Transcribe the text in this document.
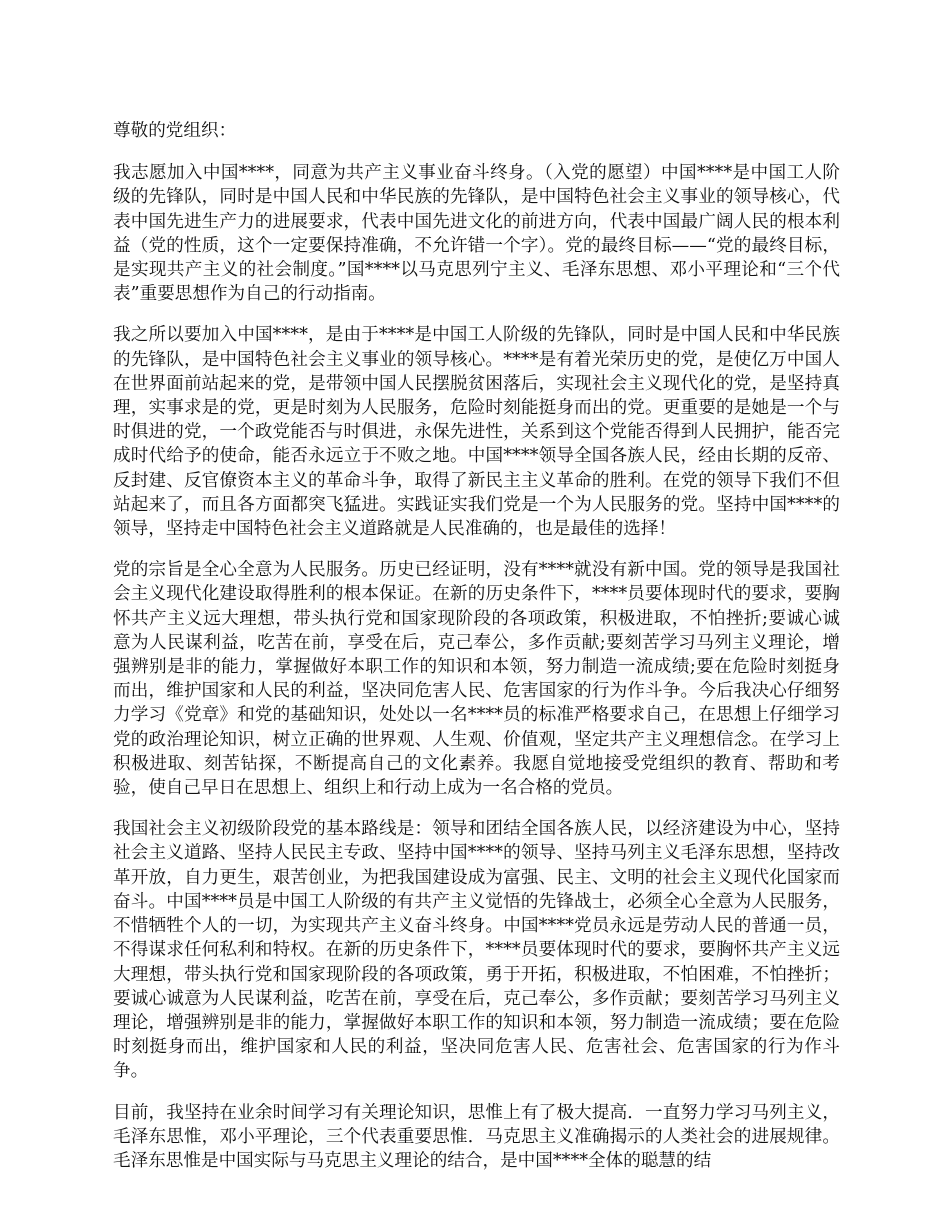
尊敬的党组织：

我志愿加入中国****，同意为共产主义事业奋斗终身。（入党的愿望）中国****是中国工人阶级的先锋队，同时是中国人民和中华民族的先锋队，是中国特色社会主义事业的领导核心，代表中国先进生产力的进展要求，代表中国先进文化的前进方向，代表中国最广阔人民的根本利益（党的性质，这个一定要保持准确，不允许错一个字）。党的最终目标——“党的最终目标，是实现共产主义的社会制度。”国****以马克思列宁主义、毛泽东思想、邓小平理论和“三个代表”重要思想作为自己的行动指南。

我之所以要加入中国****，是由于****是中国工人阶级的先锋队，同时是中国人民和中华民族的先锋队，是中国特色社会主义事业的领导核心。****是有着光荣历史的党，是使亿万中国人在世界面前站起来的党，是带领中国人民摆脱贫困落后，实现社会主义现代化的党，是坚持真理，实事求是的党，更是时刻为人民服务，危险时刻能挺身而出的党。更重要的是她是一个与时俱进的党，一个政党能否与时俱进，永保先进性，关系到这个党能否得到人民拥护，能否完成时代给予的使命，能否永远立于不败之地。中国****领导全国各族人民，经由长期的反帝、反封建、反官僚资本主义的革命斗争，取得了新民主主义革命的胜利。在党的领导下我们不但站起来了，而且各方面都突飞猛进。实践证实我们党是一个为人民服务的党。坚持中国****的领导，坚持走中国特色社会主义道路就是人民准确的，也是最佳的选择！

党的宗旨是全心全意为人民服务。历史已经证明，没有****就没有新中国。党的领导是我国社会主义现代化建设取得胜利的根本保证。在新的历史条件下，****员要体现时代的要求，要胸怀共产主义远大理想，带头执行党和国家现阶段的各项政策，积极进取，不怕挫折;要诚心诚意为人民谋利益，吃苦在前，享受在后，克己奉公，多作贡献;要刻苦学习马列主义理论，增强辨别是非的能力，掌握做好本职工作的知识和本领，努力制造一流成绩;要在危险时刻挺身而出，维护国家和人民的利益，坚决同危害人民、危害国家的行为作斗争。今后我决心仔细努力学习《党章》和党的基础知识，处处以一名****员的标准严格要求自己，在思想上仔细学习党的政治理论知识，树立正确的世界观、人生观、价值观，坚定共产主义理想信念。在学习上积极进取、刻苦钻探，不断提高自己的文化素养。我愿自觉地接受党组织的教育、帮助和考验，使自己早日在思想上、组织上和行动上成为一名合格的党员。

我国社会主义初级阶段党的基本路线是：领导和团结全国各族人民，以经济建设为中心，坚持社会主义道路、坚持人民民主专政、坚持中国****的领导、坚持马列主义毛泽东思想，坚持改革开放，自力更生，艰苦创业，为把我国建设成为富强、民主、文明的社会主义现代化国家而奋斗。中国****员是中国工人阶级的有共产主义觉悟的先锋战士，必须全心全意为人民服务，不惜牺牲个人的一切，为实现共产主义奋斗终身。中国****党员永远是劳动人民的普通一员，不得谋求任何私利和特权。在新的历史条件下，****员要体现时代的要求，要胸怀共产主义远大理想，带头执行党和国家现阶段的各项政策，勇于开拓，积极进取，不怕困难，不怕挫折；要诚心诚意为人民谋利益，吃苦在前，享受在后，克己奉公，多作贡献；要刻苦学习马列主义理论，增强辨别是非的能力，掌握做好本职工作的知识和本领，努力制造一流成绩；要在危险时刻挺身而出，维护国家和人民的利益，坚决同危害人民、危害社会、危害国家的行为作斗争。

目前，我坚持在业余时间学习有关理论知识，思惟上有了极大提高．一直努力学习马列主义，毛泽东思惟，邓小平理论，三个代表重要思惟．马克思主义准确揭示的人类社会的进展规律。毛泽东思惟是中国实际与马克思主义理论的结合，是中国****全体的聪慧的结
